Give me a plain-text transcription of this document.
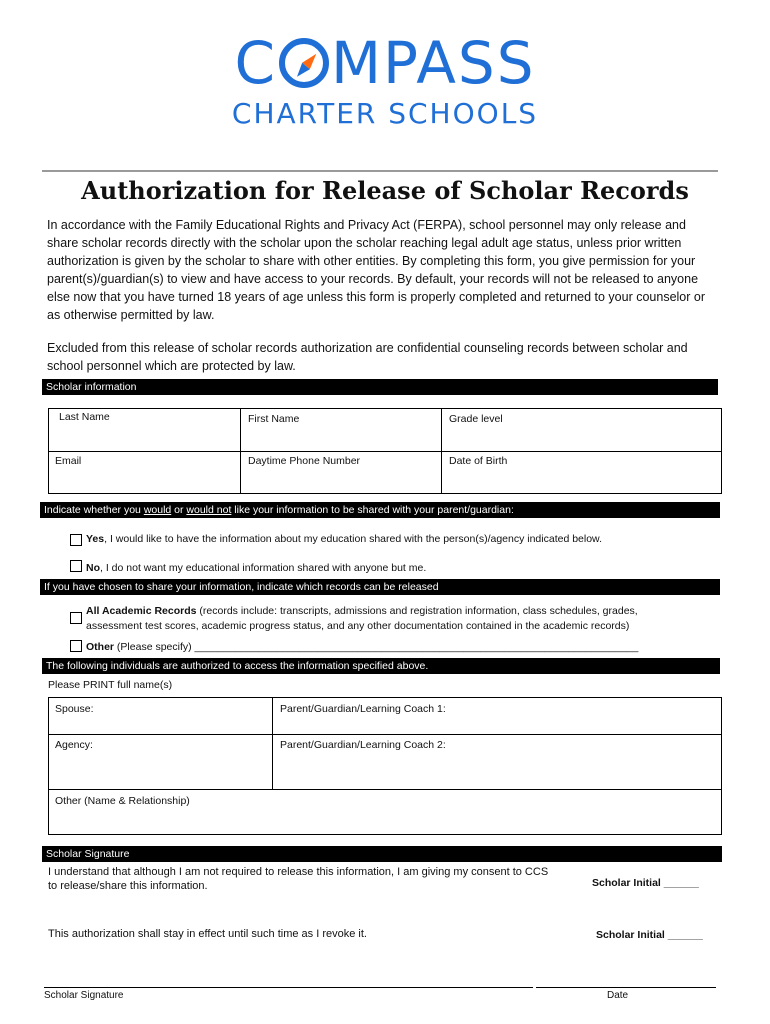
C MPASS
CHARTER SCHOOLS
Authorization for Release of Scholar Records
In accordance with the Family Educational Rights and Privacy Act (FERPA), school personnel may only release and share scholar records directly with the scholar upon the scholar reaching legal adult age status, unless prior written authorization is given by the scholar to share with other entities. By completing this form, you give permission for your parent(s)/guardian(s) to view and have access to your records. By default, your records will not be released to anyone else now that you have turned 18 years of age unless this form is properly completed and returned to your counselor or as otherwise permitted by law.
Excluded from this release of scholar records authorization are confidential counseling records between scholar and school personnel which are protected by law.
Scholar information
Last Name	First Name	Grade level
Email	Daytime Phone Number	Date of Birth
Indicate whether you would or would not like your information to be shared with your parent/guardian:
Yes, I would like to have the information about my education shared with the person(s)/agency indicated below.
No, I do not want my educational information shared with anyone but me.
If you have chosen to share your information, indicate which records can be released
All Academic Records (records include: transcripts, admissions and registration information, class schedules, grades,
assessment test scores, academic progress status, and any other documentation contained in the academic records)
Other (Please specify) ____________________________________________________________________________
The following individuals are authorized to access the information specified above.
Please PRINT full name(s)
Spouse:	Parent/Guardian/Learning Coach 1:
Agency:	Parent/Guardian/Learning Coach 2:
Other (Name & Relationship)
Scholar Signature
I understand that although I am not required to release this information, I am giving my consent to CCS
to release/share this information.	Scholar Initial ______
This authorization shall stay in effect until such time as I revoke it.	Scholar Initial ______
Scholar Signature	Date
